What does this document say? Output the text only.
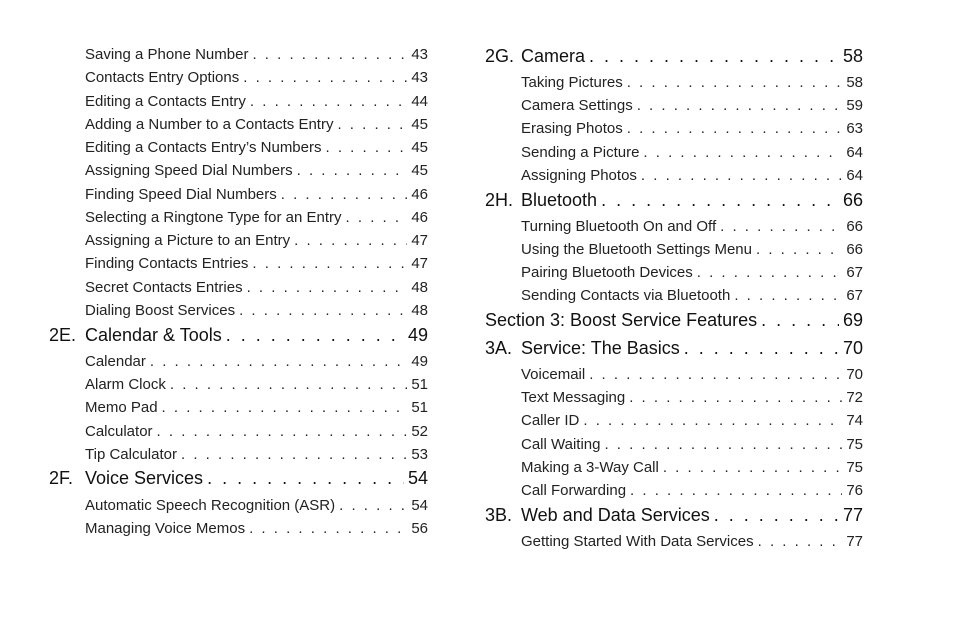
Saving a Phone Number . . .	43
Contacts Entry Options . . .	43
Editing a Contacts Entry . . .	44
Adding a Number to a Contacts Entry . . .	45
Editing a Contacts Entry’s Numbers . . .	45
Assigning Speed Dial Numbers . . .	45
Finding Speed Dial Numbers . . .	46
Selecting a Ringtone Type for an Entry . . .	46
Assigning a Picture to an Entry . . .	47
Finding Contacts Entries . . .	47
Secret Contacts Entries . . .	48
Dialing Boost Services . . .	48
2E. Calendar & Tools . . .	49
Calendar . . .	49
Alarm Clock . . .	51
Memo Pad . . .	51
Calculator . . .	52
Tip Calculator . . .	53
2F. Voice Services . . .	54
Automatic Speech Recognition (ASR) . . .	54
Managing Voice Memos . . .	56
2G. Camera . . .	58
Taking Pictures . . .	58
Camera Settings . . .	59
Erasing Photos . . .	63
Sending a Picture . . .	64
Assigning Photos . . .	64
2H. Bluetooth . . .	66
Turning Bluetooth On and Off . . .	66
Using the Bluetooth Settings Menu . . .	66
Pairing Bluetooth Devices . . .	67
Sending Contacts via Bluetooth . . .	67
Section 3: Boost Service Features . . .	69
3A. Service: The Basics . . .	70
Voicemail . . .	70
Text Messaging . . .	72
Caller ID . . .	74
Call Waiting . . .	75
Making a 3-Way Call . . .	75
Call Forwarding . . .	76
3B. Web and Data Services . . .	77
Getting Started With Data Services . . .	77
